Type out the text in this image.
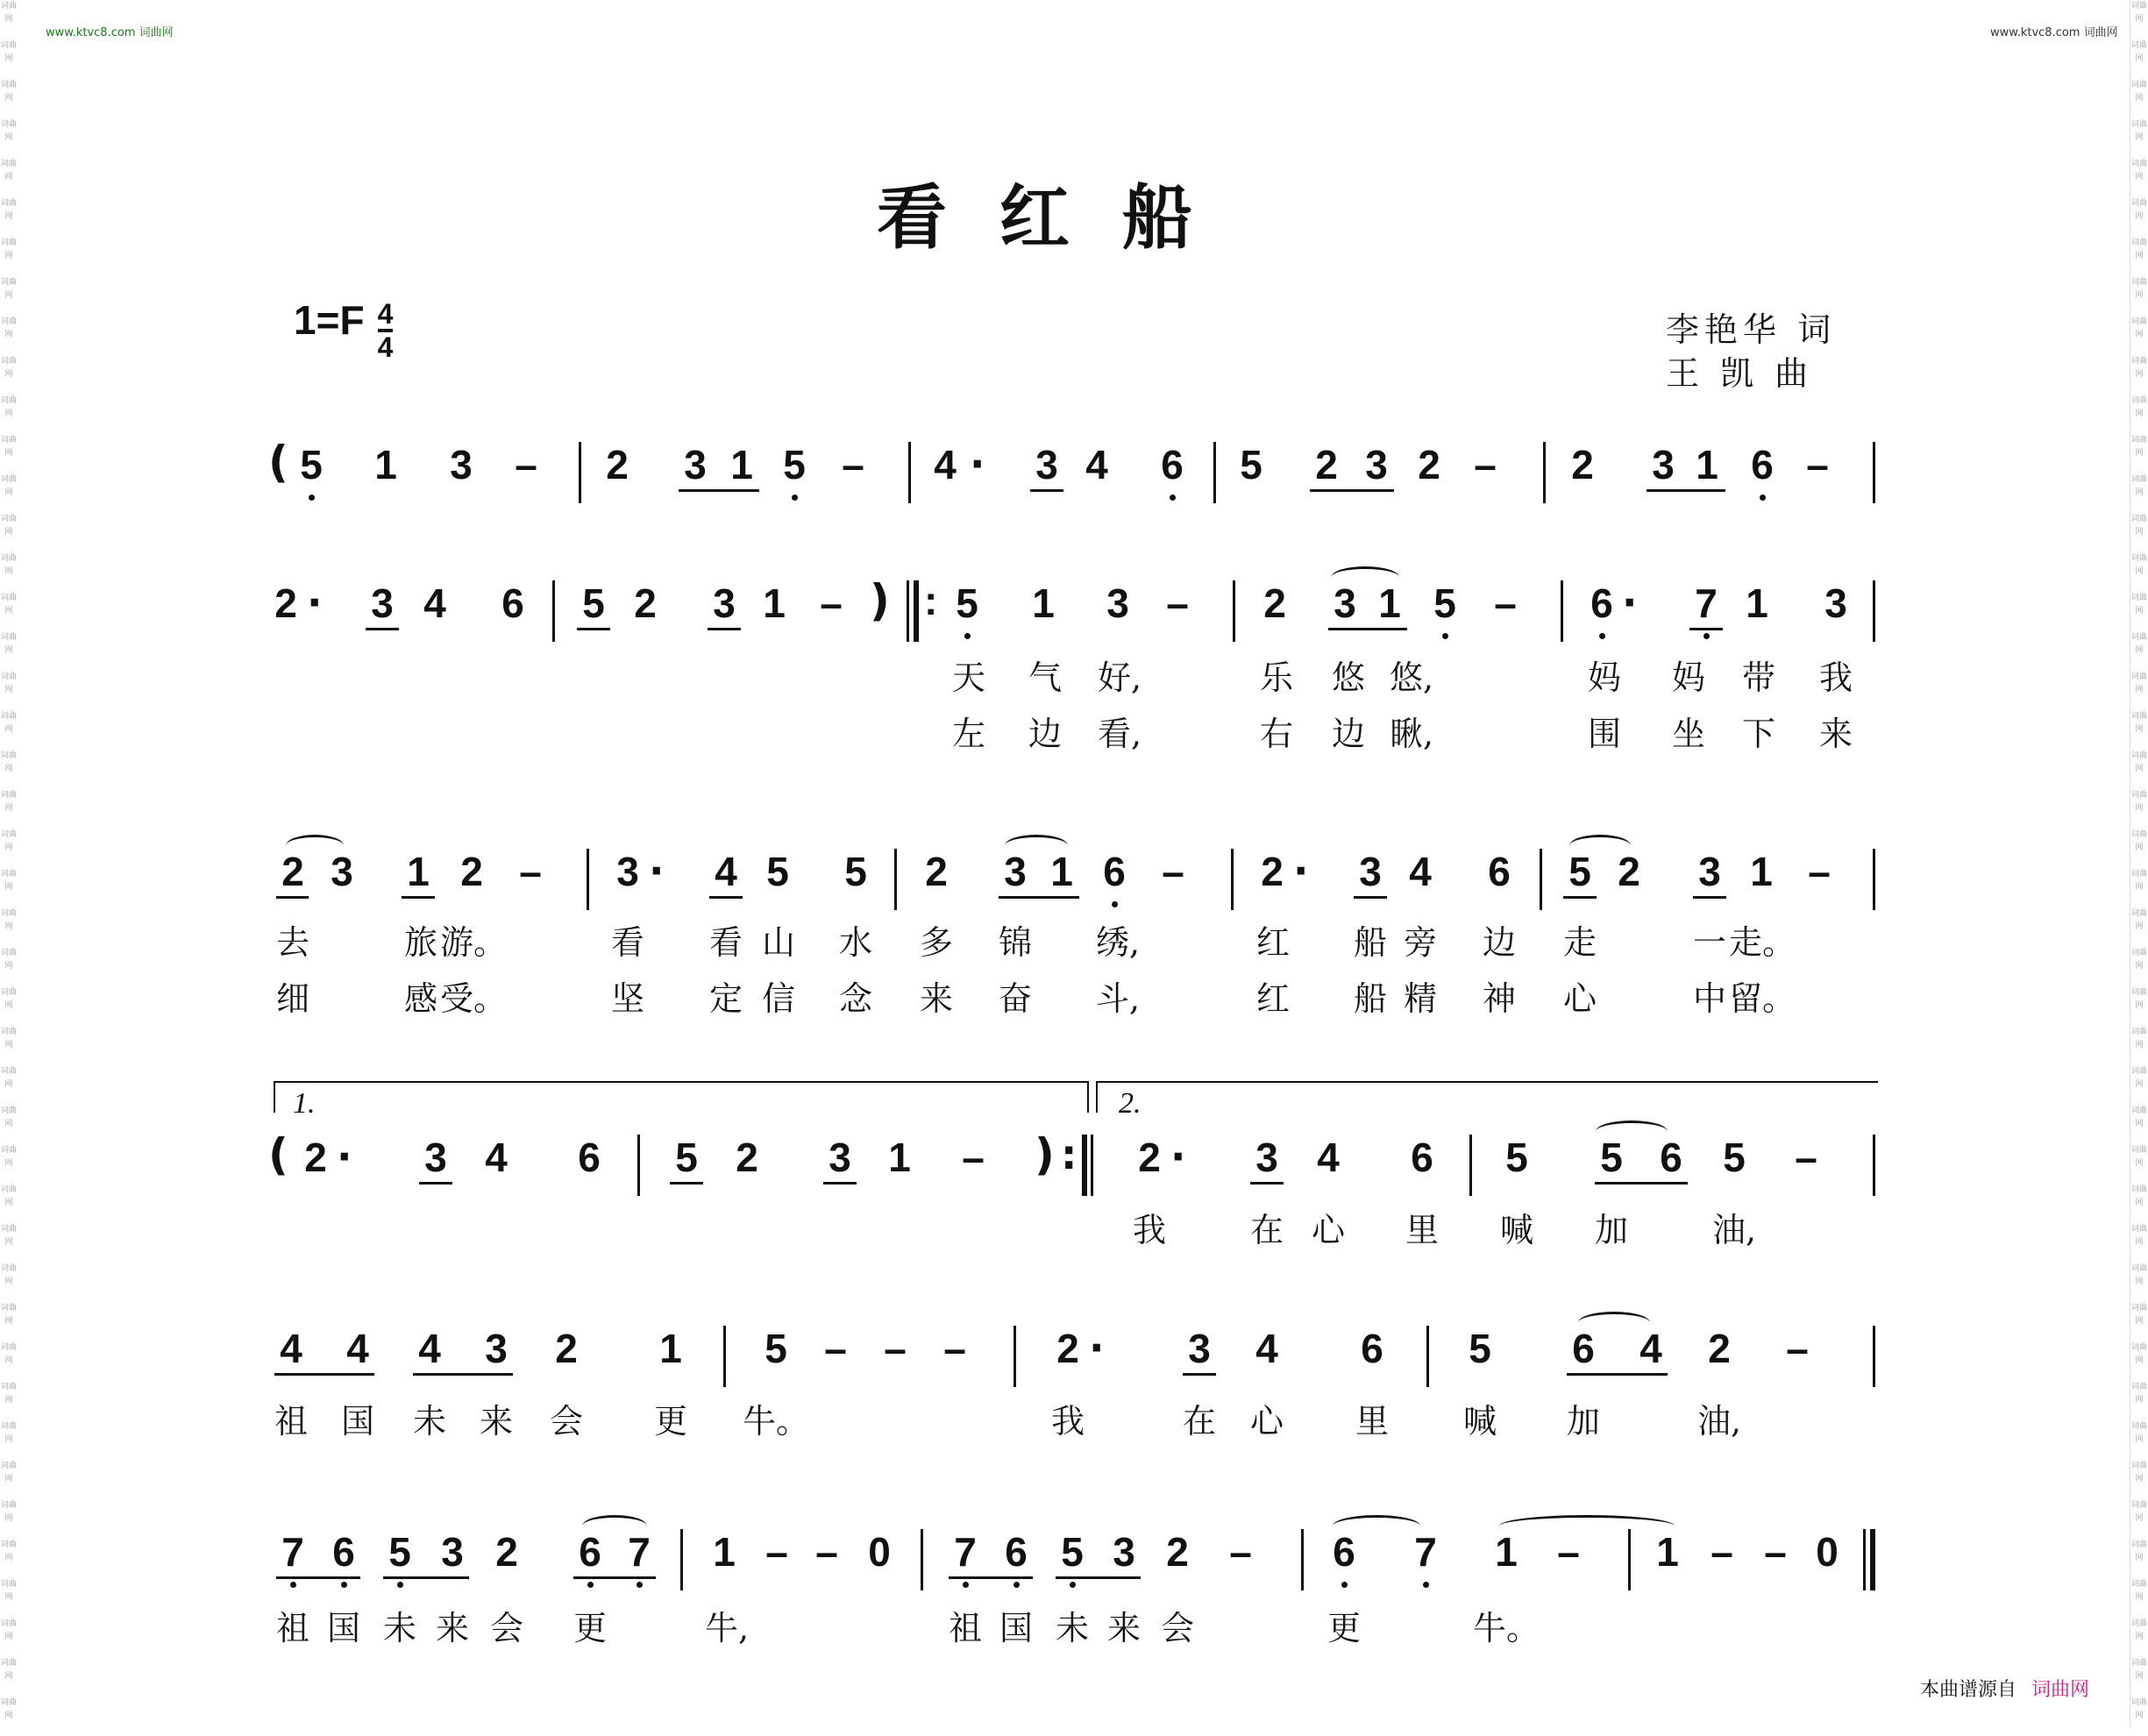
词曲网
词曲网
词曲网
词曲网
词曲网
词曲网
词曲网
词曲网
词曲网
词曲网
词曲网
词曲网
词曲网
词曲网
词曲网
词曲网
词曲网
词曲网
词曲网
词曲网
词曲网
词曲网
词曲网
词曲网
词曲网
词曲网
词曲网
词曲网
词曲网
词曲网
词曲网
词曲网
词曲网
词曲网
词曲网
词曲网
词曲网
词曲网
词曲网
词曲网
词曲网
词曲网
词曲网
词曲网
词曲网
词曲网
词曲网
词曲网
词曲网
词曲网
词曲网
词曲网
词曲网
词曲网
词曲网
词曲网
词曲网
词曲网
词曲网
词曲网
词曲网
词曲网
词曲网
词曲网
词曲网
词曲网
词曲网
词曲网
词曲网
词曲网
词曲网
词曲网
词曲网
词曲网
词曲网
词曲网
词曲网
词曲网
词曲网
词曲网
词曲网
词曲网
词曲网
词曲网
词曲网
词曲网
词曲网
词曲网
www.ktvc8.com 词曲网	www.ktvc8.com 词曲网
看红船
$1=F \frac{4}{4}$	李艳华 词
王 凯 曲
( 5 1 3 – 2 3 1 5 – 4 · 3 4 6 5 2 3 2 – 2 3 1 6 –
2 · 3 4 6 5 2 3 1 – ) : 5 1 3 – 2 3 1 5 – 6 · 7 1 3
天 气 好,	乐 悠 悠,	妈 妈 带 我
左 边 看,	右 边 瞅,	围 坐 下 来
2 3 1 2 – 3 · 4 5 5 2 3 1 6 – 2 · 3 4 6 5 2 3 1 –
去	旅 游。	看 看 山 水 多 锦 绣,	红 船 旁 边 走	一 走。
细	感 受。	坚 定 信 念 来 奋 斗,	红 船 精 神 心	中 留。
1.	2.
( 2 · 3 4 6 5 2 3 1 – ) : 2 · 3 4 6 5 5 6 5 –
我	在 心 里 喊 加	油,
4 4 4 3 2 1 5 – – – 2 · 3 4 6 5 6 4 2 –
祖 国 未 来 会 更 牛。	我	在 心 里 喊 加	油,
7 6 5 3 2 6 7 1 – – 0 7 6 5 3 2 – 6 7 1 – 1 – – 0
祖 国 未 来 会 更	牛,	祖 国 未 来 会	更	牛。
本曲谱源自 词曲网
